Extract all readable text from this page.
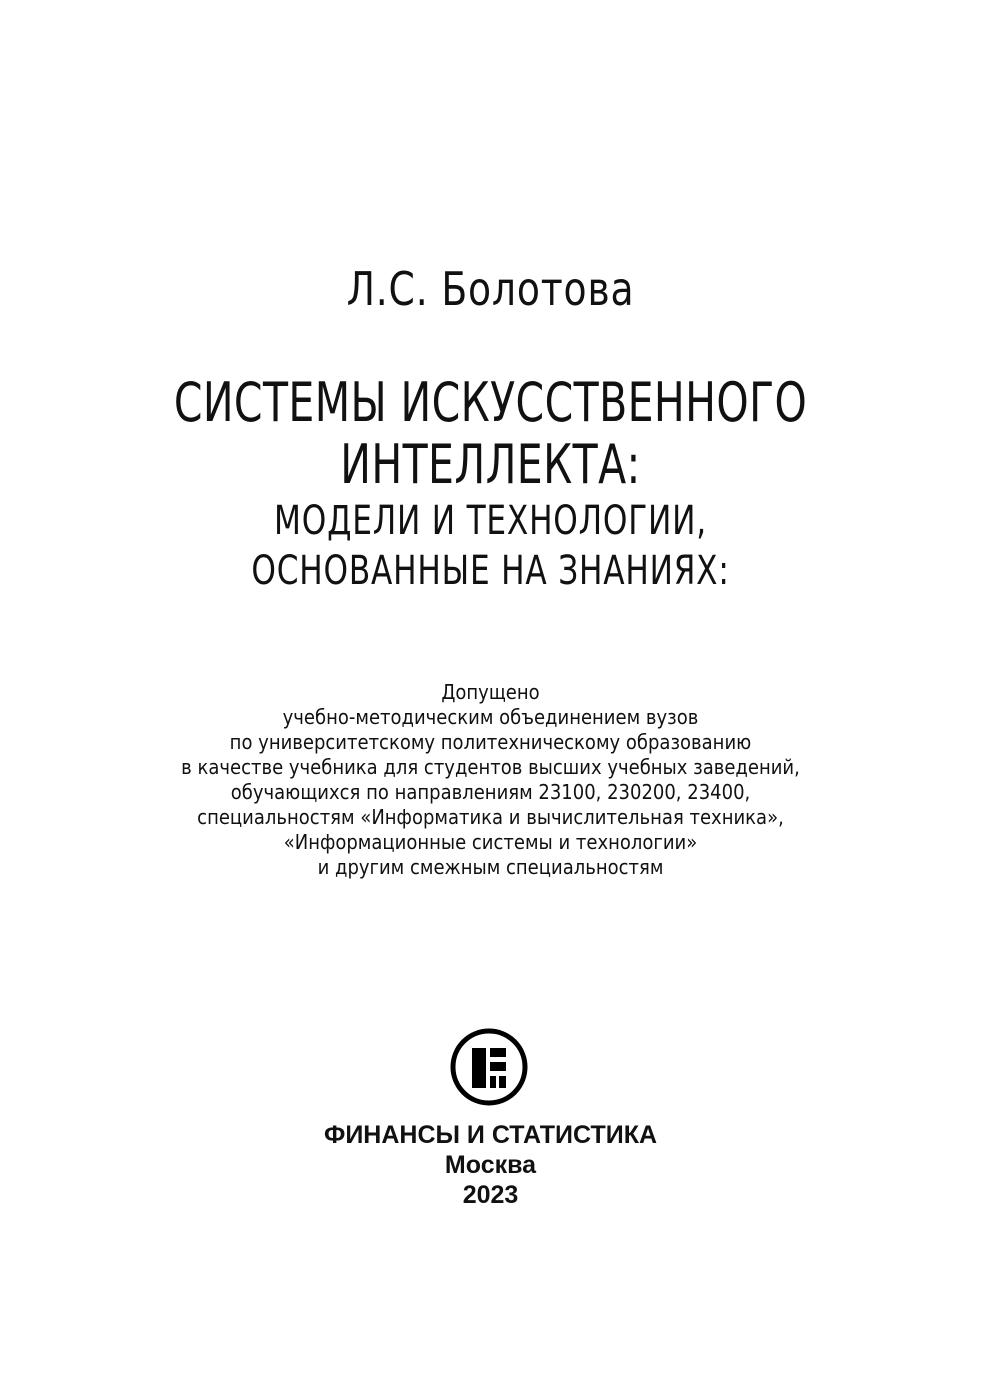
Л.С. Болотова
СИСТЕМЫ ИСКУССТВЕННОГО
ИНТЕЛЛЕКТА:
МОДЕЛИ И ТЕХНОЛОГИИ,
ОСНОВАННЫЕ НА ЗНАНИЯХ:
Допущено
учебно-методическим объединением вузов
по университетскому политехническому образованию
в качестве учебника для студентов высших учебных заведений,
обучающихся по направлениям 23100, 230200, 23400,
специальностям «Информатика и вычислительная техника»,
«Информационные системы и технологии»
и другим смежным специальностям
ФИНАНСЫ И СТАТИСТИКА
Москва
2023
